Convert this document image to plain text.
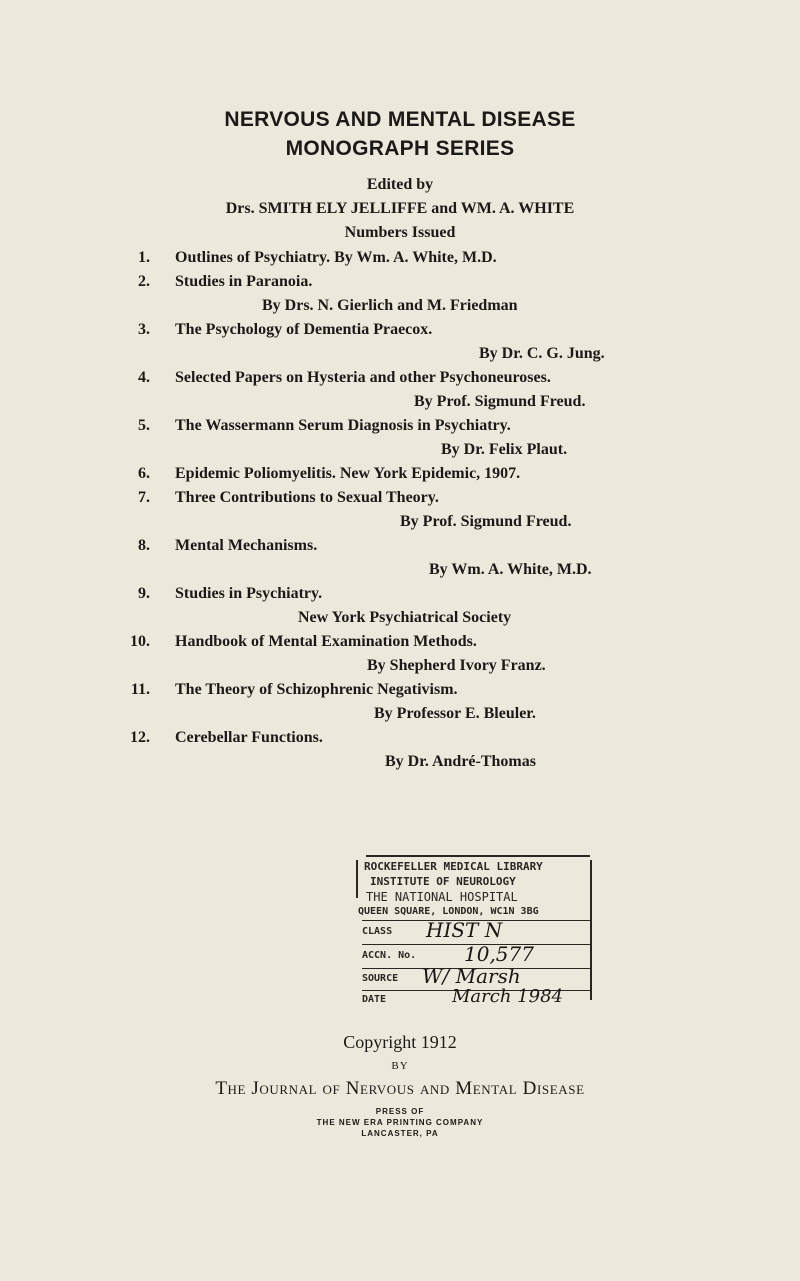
NERVOUS AND MENTAL DISEASE
MONOGRAPH SERIES
Edited by
Drs. SMITH ELY JELLIFFE and WM. A. WHITE
Numbers Issued
1. Outlines of Psychiatry. By Wm. A. White, M.D.
2. Studies in Paranoia.
By Drs. N. Gierlich and M. Friedman
3. The Psychology of Dementia Praecox.
By Dr. C. G. Jung.
4. Selected Papers on Hysteria and other Psychoneuroses.
By Prof. Sigmund Freud.
5. The Wassermann Serum Diagnosis in Psychiatry.
By Dr. Felix Plaut.
6. Epidemic Poliomyelitis. New York Epidemic, 1907.
7. Three Contributions to Sexual Theory.
By Prof. Sigmund Freud.
8. Mental Mechanisms.
By Wm. A. White, M.D.
9. Studies in Psychiatry.
New York Psychiatrical Society
10. Handbook of Mental Examination Methods.
By Shepherd Ivory Franz.
11. The Theory of Schizophrenic Negativism.
By Professor E. Bleuler.
12. Cerebellar Functions.
By Dr. André-Thomas
ROCKEFELLER MEDICAL LIBRARY
INSTITUTE OF NEUROLOGY
THE NATIONAL HOSPITAL
QUEEN SQUARE, LONDON, WC1N 3BG
CLASS HIST N
ACCN. No. 10,577
SOURCE W/ Marsh
DATE	March 1984
Copyright 1912
BY
The Journal of Nervous and Mental Disease
PRESS OF
THE NEW ERA PRINTING COMPANY
LANCASTER, PA
